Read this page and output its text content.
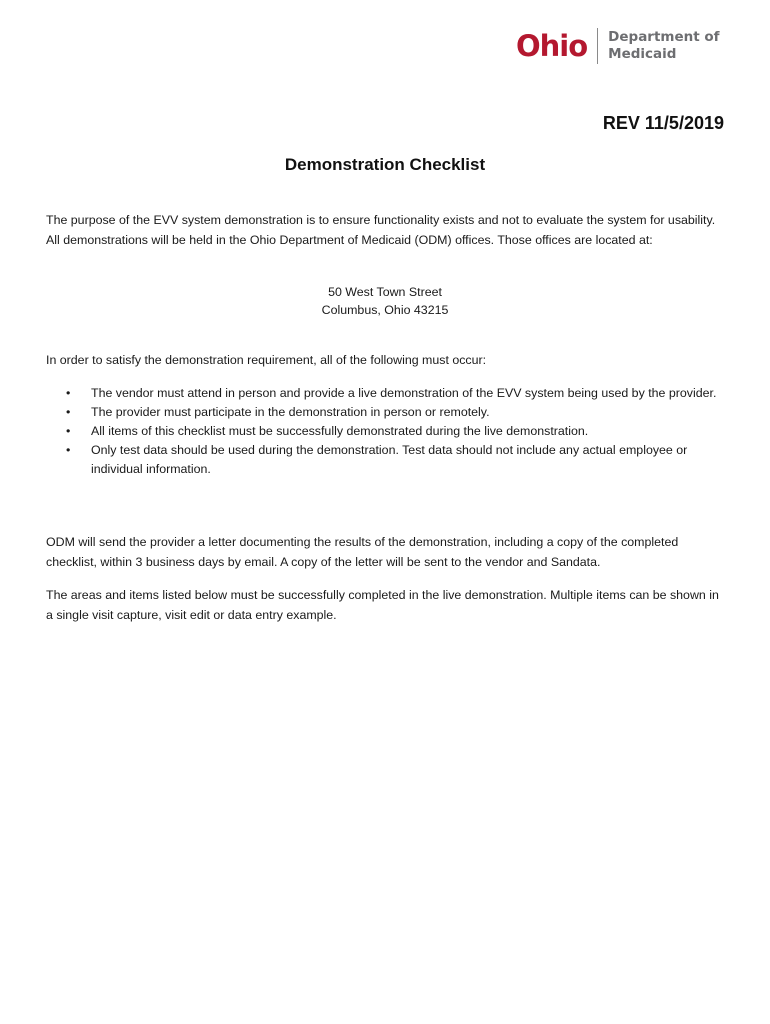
Ohio Department of
Medicaid
REV 11/5/2019
Demonstration Checklist

The purpose of the EVV system demonstration is to ensure functionality exists and not to evaluate the system for usability. All demonstrations will be held in the Ohio Department of Medicaid (ODM) offices. Those offices are located at:

50 West Town Street
Columbus, Ohio 43215

In order to satisfy the demonstration requirement, all of the following must occur:

• The vendor must attend in person and provide a live demonstration of the EVV system being used by the provider.
• The provider must participate in the demonstration in person or remotely.
• All items of this checklist must be successfully demonstrated during the live demonstration.
• Only test data should be used during the demonstration. Test data should not include any actual employee or individual information.

ODM will send the provider a letter documenting the results of the demonstration, including a copy of the completed checklist, within 3 business days by email. A copy of the letter will be sent to the vendor and Sandata.

The areas and items listed below must be successfully completed in the live demonstration. Multiple items can be shown in a single visit capture, visit edit or data entry example.
